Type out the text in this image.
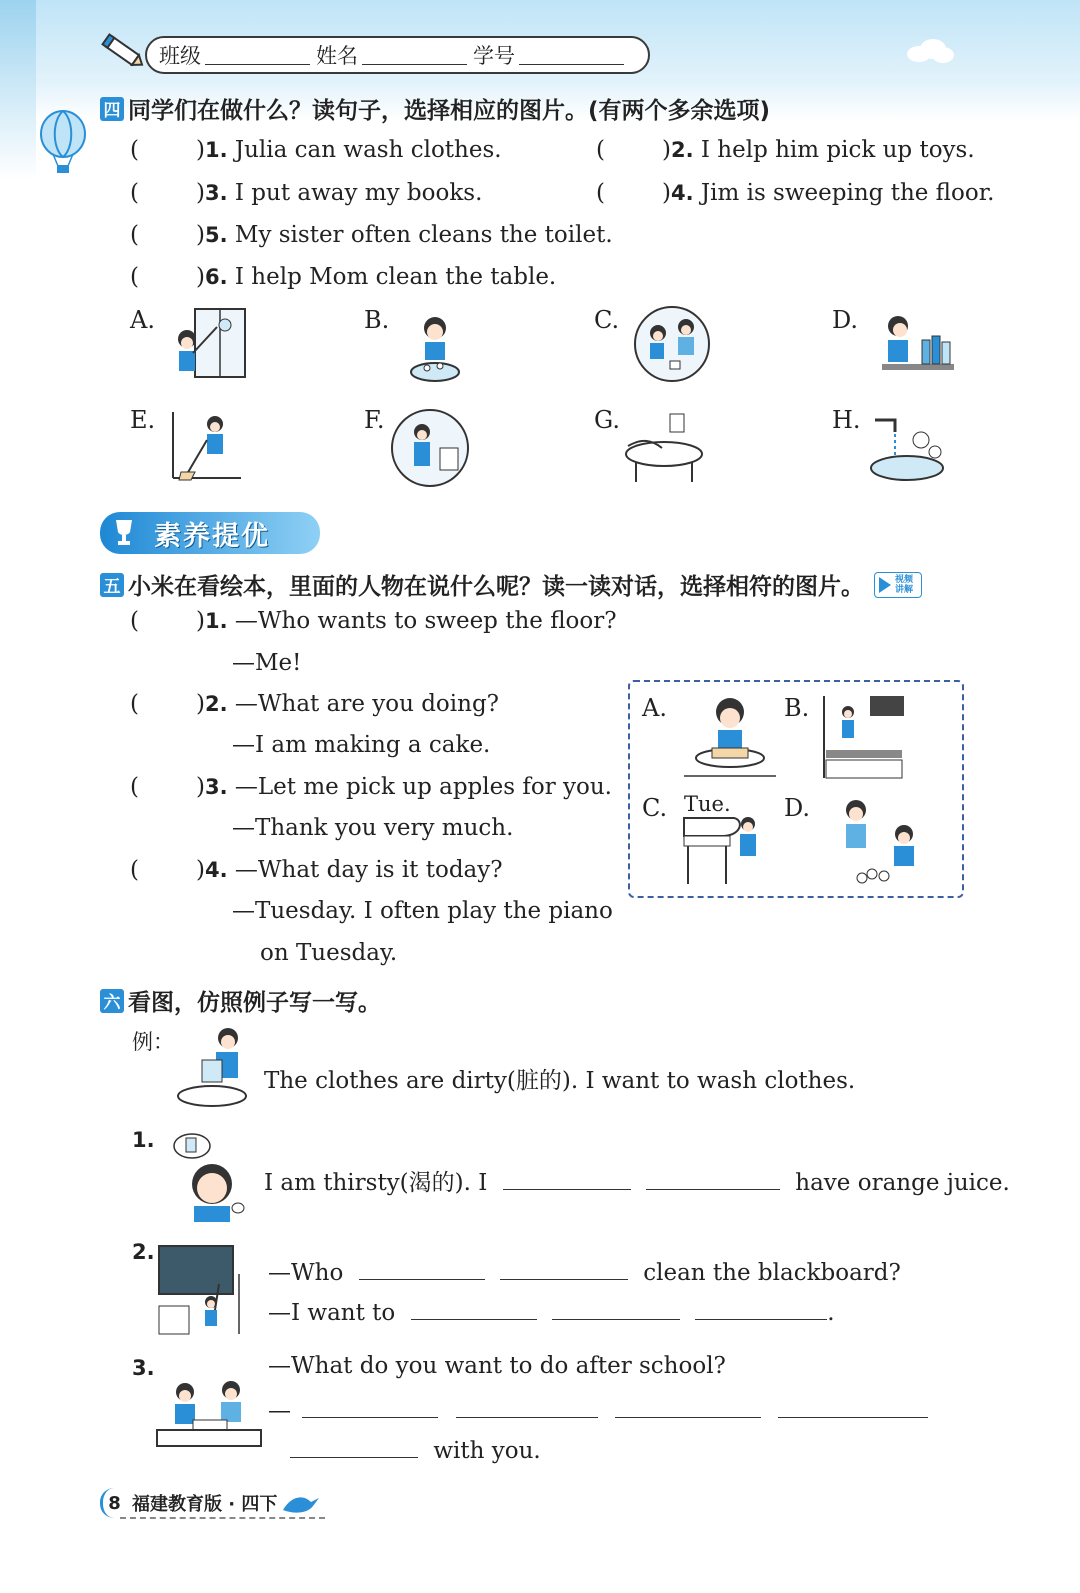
班级	姓名	学号
四 同学们在做什么？读句子，选择相应的图片。(有两个多余选项)
( )1. Julia can wash clothes.	( )2. I help him pick up toys.
( )3. I put away my books.	( )4. Jim is sweeping the floor.
( )5. My sister often cleans the toilet.
( )6. I help Mom clean the table.
A.	B.	C.	D.
E.	F.	G.	H.
素养提优
五 小米在看绘本，里面的人物在说什么呢？读一读对话，选择相符的图片。	视频讲解
( )1. —Who wants to sweep the floor?
—Me!
( )2. —What are you doing?
—I am making a cake.
( )3. —Let me pick up apples for you.
—Thank you very much.
( )4. —What day is it today?
—Tuesday. I often play the piano
on Tuesday.
A.	B.
C. Tue. D.
六 看图，仿照例子写一写。
例：
The clothes are dirty(脏的). I want to wash clothes.
1.
I am thirsty(渴的). I	have orange juice.
2.
—Who	clean the blackboard?
—I want to	.
3.	—What do you want to do after school?
—
with you.
8 福建教育版 · 四下
